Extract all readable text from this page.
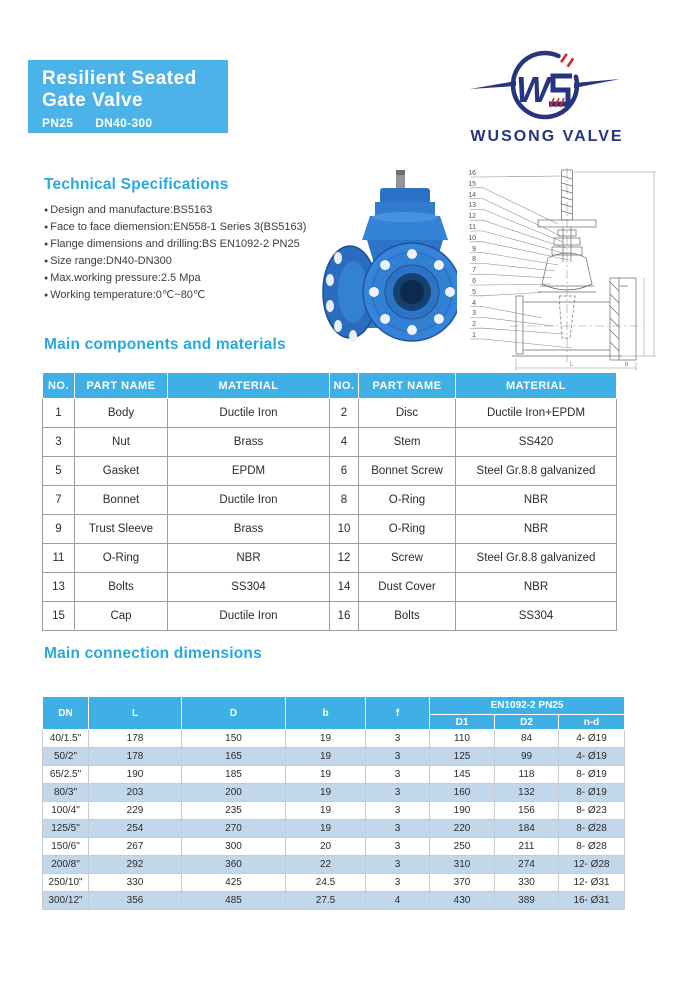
Resilient Seated
Gate Valve
PN25 DN40-300
W
WUSONG VALVE
Technical Specifications
● Design and manufacture:BS5163
● Face to face diemension:EN558-1 Series 3(BS5163)
● Flange dimensions and drilling:BS EN1092-2 PN25
● Size range:DN40-DN300
● Max.working pressure:2.5 Mpa
● Working temperature:0℃~80℃
L	b
16
15
14
13
12
11
10
9
8
7
6
5
4
3
2
1
Main components and materials
NO.	PART NAME	MATERIAL	NO.	PART NAME	MATERIAL
1	Body	Ductile Iron	2	Disc	Ductile Iron+EPDM
3	Nut	Brass	4	Stem	SS420
5	Gasket	EPDM	6	Bonnet Screw	Steel Gr.8.8 galvanized
7	Bonnet	Ductile Iron	8	O-Ring	NBR
9	Trust Sleeve	Brass	10	O-Ring	NBR
11	O-Ring	NBR	12	Screw	Steel Gr.8.8 galvanized
13	Bolts	SS304	14	Dust Cover	NBR
15	Cap	Ductile Iron	16	Bolts	SS304
Main connection dimensions
DN	L	D	b	f	EN1092-2 PN25		
					D1	D2	n-d
40/1.5"	178	150	19	3	110	84	4- Ø19
50/2"	178	165	19	3	125	99	4- Ø19
65/2.5"	190	185	19	3	145	118	8- Ø19
80/3"	203	200	19	3	160	132	8- Ø19
100/4"	229	235	19	3	190	156	8- Ø23
125/5"	254	270	19	3	220	184	8- Ø28
150/6"	267	300	20	3	250	211	8- Ø28
200/8"	292	360	22	3	310	274	12- Ø28
250/10"	330	425	24.5	3	370	330	12- Ø31
300/12"	356	485	27.5	4	430	389	16- Ø31
